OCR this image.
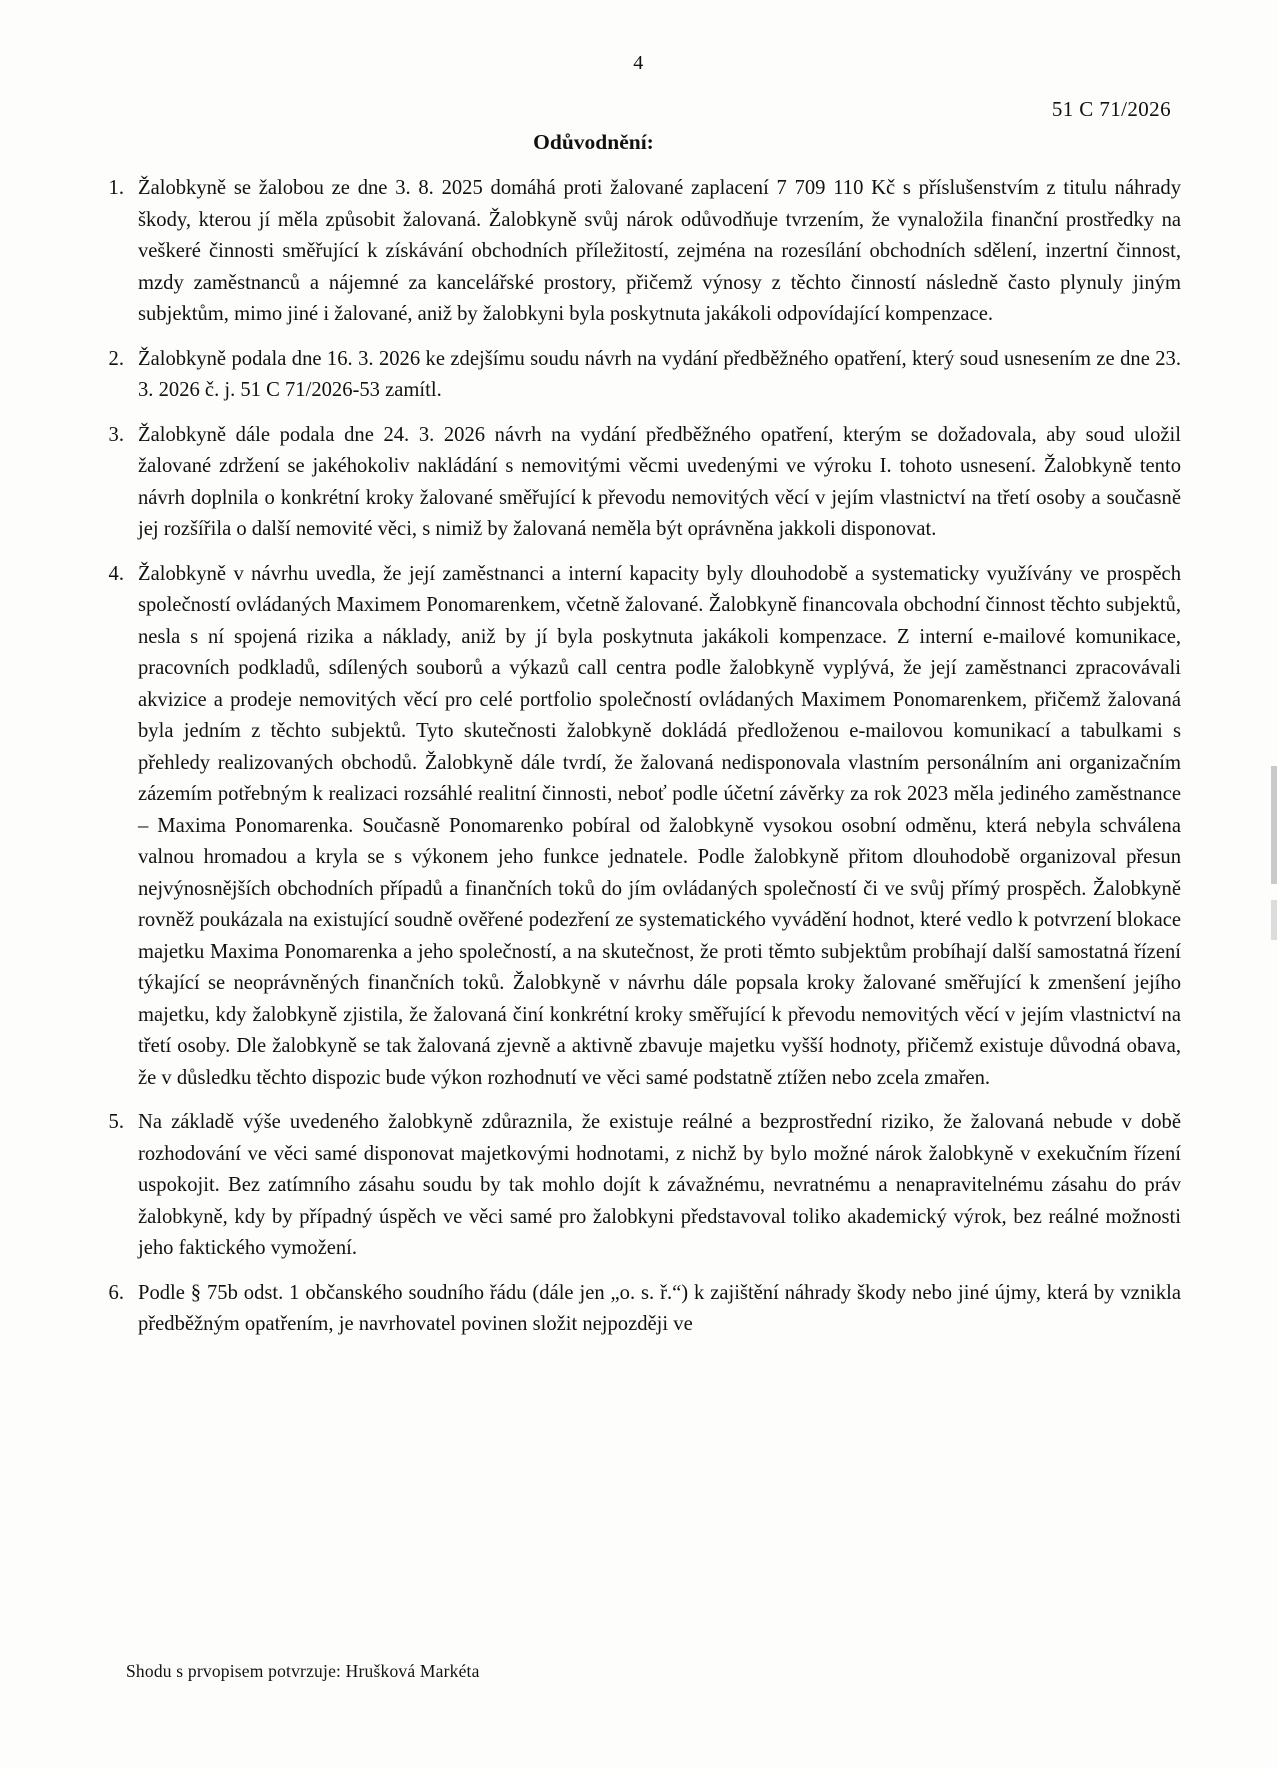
4
51 C 71/2026
Odůvodnění:
1. Žalobkyně se žalobou ze dne 3. 8. 2025 domáhá proti žalované zaplacení 7 709 110 Kč s příslušenstvím z titulu náhrady škody, kterou jí měla způsobit žalovaná. Žalobkyně svůj nárok odůvodňuje tvrzením, že vynaložila finanční prostředky na veškeré činnosti směřující k získávání obchodních příležitostí, zejména na rozesílání obchodních sdělení, inzertní činnost, mzdy zaměstnanců a nájemné za kancelářské prostory, přičemž výnosy z těchto činností následně často plynuly jiným subjektům, mimo jiné i žalované, aniž by žalobkyni byla poskytnuta jakákoli odpovídající kompenzace.
2. Žalobkyně podala dne 16. 3. 2026 ke zdejšímu soudu návrh na vydání předběžného opatření, který soud usnesením ze dne 23. 3. 2026 č. j. 51 C 71/2026-53 zamítl.
3. Žalobkyně dále podala dne 24. 3. 2026 návrh na vydání předběžného opatření, kterým se dožadovala, aby soud uložil žalované zdržení se jakéhokoliv nakládání s nemovitými věcmi uvedenými ve výroku I. tohoto usnesení. Žalobkyně tento návrh doplnila o konkrétní kroky žalované směřující k převodu nemovitých věcí v jejím vlastnictví na třetí osoby a současně jej rozšířila o další nemovité věci, s nimiž by žalovaná neměla být oprávněna jakkoli disponovat.
4. Žalobkyně v návrhu uvedla, že její zaměstnanci a interní kapacity byly dlouhodobě a systematicky využívány ve prospěch společností ovládaných Maximem Ponomarenkem, včetně žalované. Žalobkyně financovala obchodní činnost těchto subjektů, nesla s ní spojená rizika a náklady, aniž by jí byla poskytnuta jakákoli kompenzace. Z interní e-mailové komunikace, pracovních podkladů, sdílených souborů a výkazů call centra podle žalobkyně vyplývá, že její zaměstnanci zpracovávali akvizice a prodeje nemovitých věcí pro celé portfolio společností ovládaných Maximem Ponomarenkem, přičemž žalovaná byla jedním z těchto subjektů. Tyto skutečnosti žalobkyně dokládá předloženou e-mailovou komunikací a tabulkami s přehledy realizovaných obchodů. Žalobkyně dále tvrdí, že žalovaná nedisponovala vlastním personálním ani organizačním zázemím potřebným k realizaci rozsáhlé realitní činnosti, neboť podle účetní závěrky za rok 2023 měla jediného zaměstnance – Maxima Ponomarenka. Současně Ponomarenko pobíral od žalobkyně vysokou osobní odměnu, která nebyla schválena valnou hromadou a kryla se s výkonem jeho funkce jednatele. Podle žalobkyně přitom dlouhodobě organizoval přesun nejvýnosnějších obchodních případů a finančních toků do jím ovládaných společností či ve svůj přímý prospěch. Žalobkyně rovněž poukázala na existující soudně ověřené podezření ze systematického vyvádění hodnot, které vedlo k potvrzení blokace majetku Maxima Ponomarenka a jeho společností, a na skutečnost, že proti těmto subjektům probíhají další samostatná řízení týkající se neoprávněných finančních toků. Žalobkyně v návrhu dále popsala kroky žalované směřující k zmenšení jejího majetku, kdy žalobkyně zjistila, že žalovaná činí konkrétní kroky směřující k převodu nemovitých věcí v jejím vlastnictví na třetí osoby. Dle žalobkyně se tak žalovaná zjevně a aktivně zbavuje majetku vyšší hodnoty, přičemž existuje důvodná obava, že v důsledku těchto dispozic bude výkon rozhodnutí ve věci samé podstatně ztížen nebo zcela zmařen.
5. Na základě výše uvedeného žalobkyně zdůraznila, že existuje reálné a bezprostřední riziko, že žalovaná nebude v době rozhodování ve věci samé disponovat majetkovými hodnotami, z nichž by bylo možné nárok žalobkyně v exekučním řízení uspokojit. Bez zatímního zásahu soudu by tak mohlo dojít k závažnému, nevratnému a nenapravitelnému zásahu do práv žalobkyně, kdy by případný úspěch ve věci samé pro žalobkyni představoval toliko akademický výrok, bez reálné možnosti jeho faktického vymožení.
6. Podle § 75b odst. 1 občanského soudního řádu (dále jen „o. s. ř.“) k zajištění náhrady škody nebo jiné újmy, která by vznikla předběžným opatřením, je navrhovatel povinen složit nejpozději ve
Shodu s prvopisem potvrzuje: Hrušková Markéta
